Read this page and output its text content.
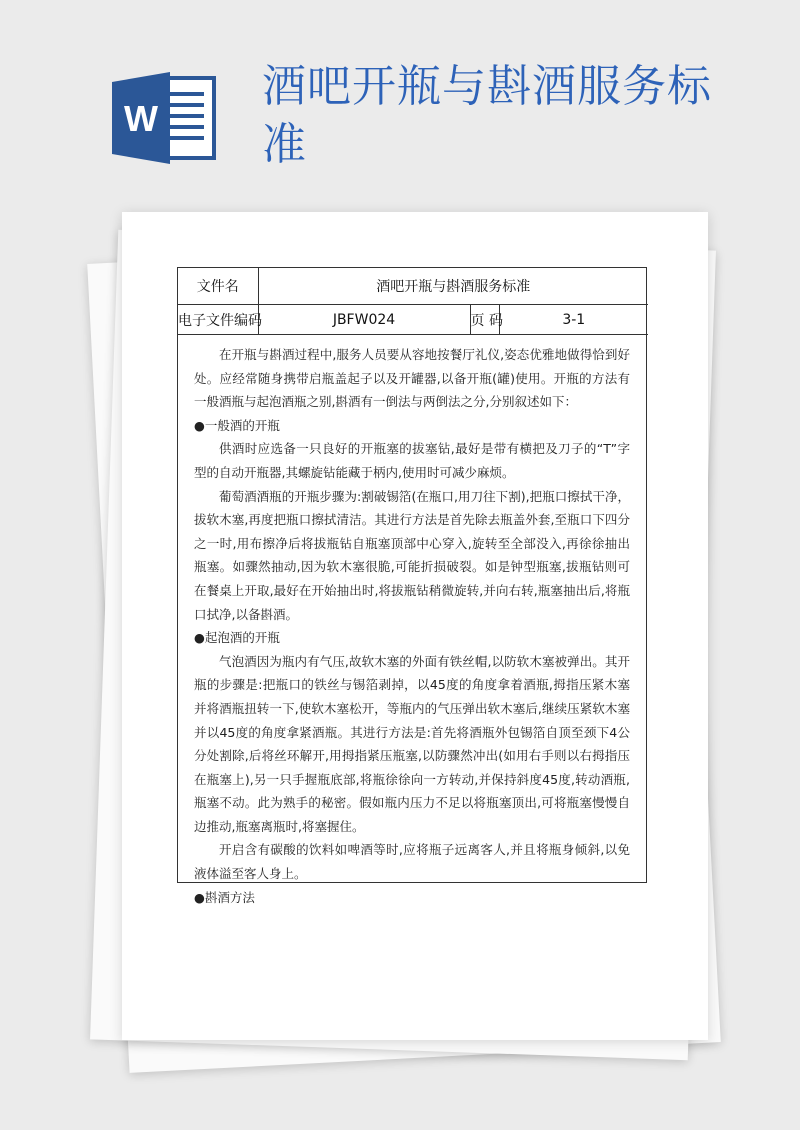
W
酒吧开瓶与斟酒服务标准
文件名	酒吧开瓶与斟酒服务标准		
电子文件编码	JBFW024	页 码	3-1

在开瓶与斟酒过程中,服务人员要从容地按餐厅礼仪,姿态优雅地做得恰到好处。应经常随身携带启瓶盖起子以及开罐器,以备开瓶(罐)使用。开瓶的方法有一般酒瓶与起泡酒瓶之别,斟酒有一倒法与两倒法之分,分别叙述如下：

●一般酒的开瓶

供酒时应选备一只良好的开瓶塞的拔塞钻,最好是带有横把及刀子的“T”字型的自动开瓶器,其螺旋钻能藏于柄内,使用时可减少麻烦。

葡萄酒酒瓶的开瓶步骤为:割破锡箔(在瓶口,用刀往下割),把瓶口擦拭干净，拔软木塞,再度把瓶口擦拭清洁。其进行方法是首先除去瓶盖外套,至瓶口下四分之一时,用布擦净后将拔瓶钻自瓶塞顶部中心穿入,旋转至全部没入,再徐徐抽出瓶塞。如骤然抽动,因为软木塞很脆,可能折损破裂。如是钟型瓶塞,拔瓶钻则可在餐桌上开取,最好在开始抽出时,将拔瓶钻稍微旋转,并向右转,瓶塞抽出后,将瓶口拭净,以备斟酒。

●起泡酒的开瓶

气泡酒因为瓶内有气压,故软木塞的外面有铁丝帽,以防软木塞被弹出。其开瓶的步骤是:把瓶口的铁丝与锡箔剥掉，以45度的角度拿着酒瓶,拇指压紧木塞并将酒瓶扭转一下,使软木塞松开，等瓶内的气压弹出软木塞后,继续压紧软木塞并以45度的角度拿紧酒瓶。其进行方法是:首先将酒瓶外包锡箔自顶至颈下4公分处割除,后将丝环解开,用拇指紧压瓶塞,以防骤然冲出(如用右手则以右拇指压在瓶塞上),另一只手握瓶底部,将瓶徐徐向一方转动,并保持斜度45度,转动酒瓶,瓶塞不动。此为熟手的秘密。假如瓶内压力不足以将瓶塞顶出,可将瓶塞慢慢自边推动,瓶塞离瓶时,将塞握住。

开启含有碳酸的饮料如啤酒等时,应将瓶子远离客人,并且将瓶身倾斜,以免液体溢至客人身上。

●斟酒方法
